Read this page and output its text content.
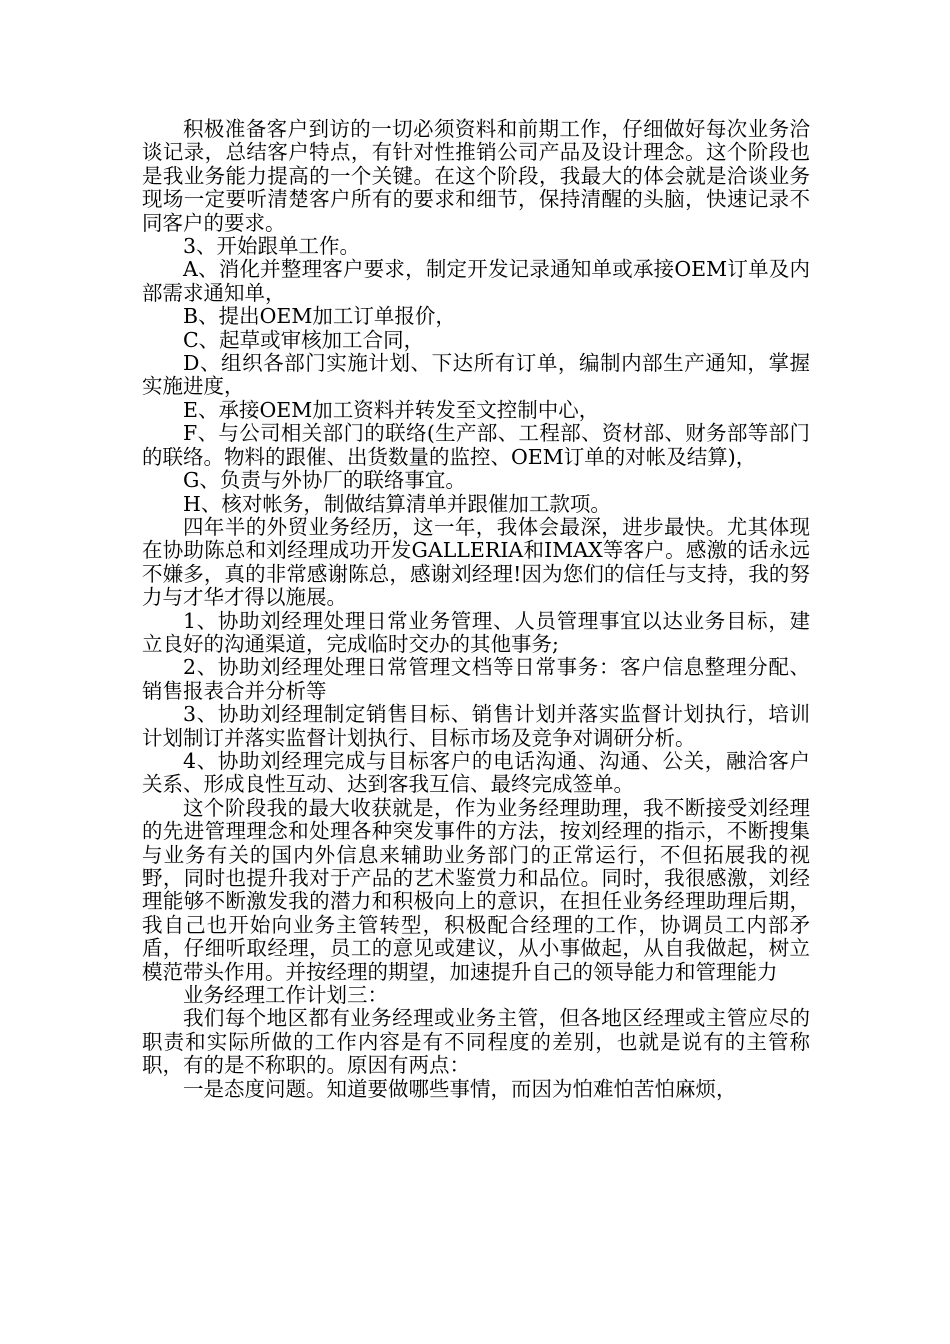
积极准备客户到访的一切必须资料和前期工作，仔细做好每次业务洽谈记录，总结客户特点，有针对性推销公司产品及设计理念。这个阶段也是我业务能力提高的一个关键。在这个阶段，我最大的体会就是洽谈业务现场一定要听清楚客户所有的要求和细节，保持清醒的头脑，快速记录不同客户的要求。

3、开始跟单工作。

A、消化并整理客户要求，制定开发记录通知单或承接OEM订单及内部需求通知单，

B、提出OEM加工订单报价，

C、起草或审核加工合同，

D、组织各部门实施计划、下达所有订单，编制内部生产通知，掌握实施进度，

E、承接OEM加工资料并转发至文控制中心，

F、与公司相关部门的联络(生产部、工程部、资材部、财务部等部门的联络。物料的跟催、出货数量的监控、OEM订单的对帐及结算)，

G、负责与外协厂的联络事宜。

H、核对帐务，制做结算清单并跟催加工款项。

四年半的外贸业务经历，这一年，我体会最深，进步最快。尤其体现在协助陈总和刘经理成功开发GALLERIA和IMAX等客户。感激的话永远不嫌多，真的非常感谢陈总，感谢刘经理!因为您们的信任与支持，我的努力与才华才得以施展。

1、协助刘经理处理日常业务管理、人员管理事宜以达业务目标，建立良好的沟通渠道，完成临时交办的其他事务;

2、协助刘经理处理日常管理文档等日常事务：客户信息整理分配、销售报表合并分析等

3、协助刘经理制定销售目标、销售计划并落实监督计划执行，培训计划制订并落实监督计划执行、目标市场及竞争对调研分析。

4、协助刘经理完成与目标客户的电话沟通、沟通、公关，融洽客户关系、形成良性互动、达到客我互信、最终完成签单。

这个阶段我的最大收获就是，作为业务经理助理，我不断接受刘经理的先进管理理念和处理各种突发事件的方法，按刘经理的指示，不断搜集与业务有关的国内外信息来辅助业务部门的正常运行，不但拓展我的视野，同时也提升我对于产品的艺术鉴赏力和品位。同时，我很感激，刘经理能够不断激发我的潜力和积极向上的意识，在担任业务经理助理后期，我自己也开始向业务主管转型，积极配合经理的工作，协调员工内部矛盾，仔细听取经理，员工的意见或建议，从小事做起，从自我做起，树立模范带头作用。并按经理的期望，加速提升自己的领导能力和管理能力

业务经理工作计划三：

我们每个地区都有业务经理或业务主管，但各地区经理或主管应尽的职责和实际所做的工作内容是有不同程度的差别，也就是说有的主管称职，有的是不称职的。原因有两点：

一是态度问题。知道要做哪些事情，而因为怕难怕苦怕麻烦，
